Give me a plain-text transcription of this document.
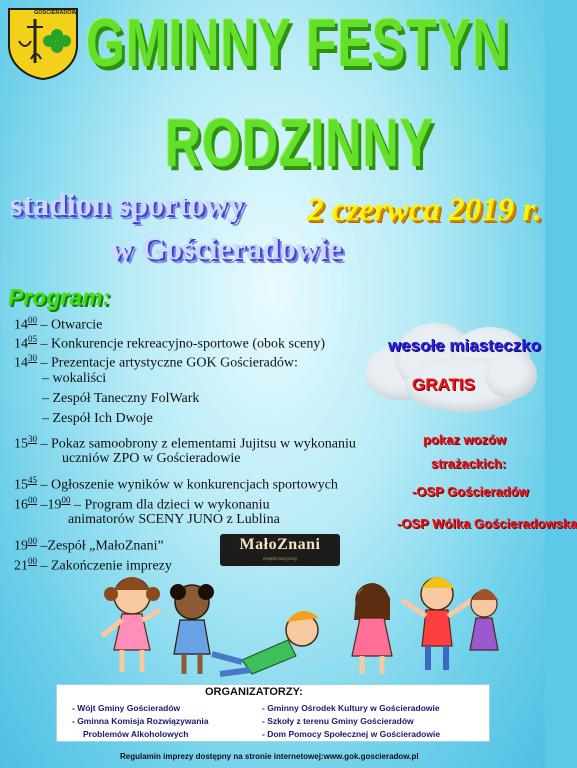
GOŚCIERADÓW GMINNY FESTYN
RODZINNY
stadion sportowy
w Gościeradowie
2 czerwca 2019 r.
Program:
$14^{00}$ – Otwarcie
$14^{05}$ – Konkurencje rekreacyjno-sportowe (obok sceny)
$14^{30}$ – Prezentacje artystyczne GOK Gościeradów:
– wokaliści
– Zespół Taneczny FolWark
– Zespół Ich Dwoje
$15^{30}$ – Pokaz samoobrony z elementami Jujitsu w wykonaniu
uczniów ZPO w Gościeradowie
$15^{45}$ – Ogłoszenie wyników w konkurencjach sportowych
$16^{00}$ $-19^{00}$ – Program dla dzieci w wykonaniu
animatorów SCENY JUNO z Lublina
$19^{00}$ –Zespół „MałoZnani”
$21^{00}$ – Zakończenie imprezy
wesołe miasteczko
GRATIS
pokaz wozów
strażackich:
-OSP Gościeradów
-OSP Wólka Gościeradowska
MałoZnani
zespół muzyczny
ORGANIZATORZY:
- Wójt Gminy Gościeradów
- Gminna Komisja Rozwiązywania
Problemów Alkoholowych
- Gminny Ośrodek Kultury w Gościeradowie
- Szkoły z terenu Gminy Gościeradów
- Dom Pomocy Społecznej w Gościeradowie
Regulamin imprezy dostępny na stronie internetowej:www.gok.goscieradow.pl
